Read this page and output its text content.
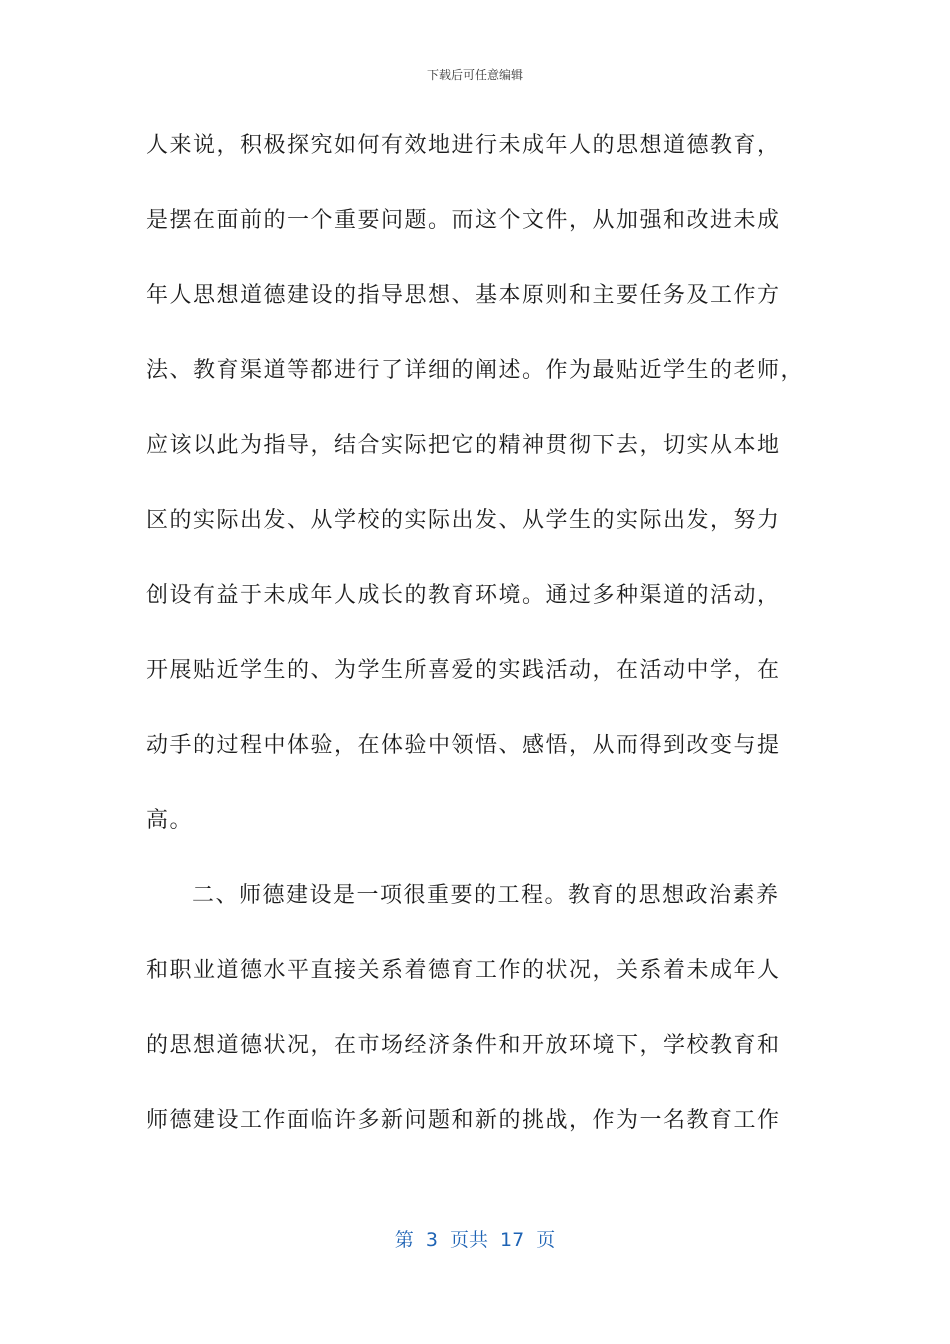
下载后可任意编辑
人来说，积极探究如何有效地进行未成年人的思想道德教育，
是摆在面前的一个重要问题。而这个文件，从加强和改进未成
年人思想道德建设的指导思想、基本原则和主要任务及工作方
法、教育渠道等都进行了详细的阐述。作为最贴近学生的老师，
应该以此为指导，结合实际把它的精神贯彻下去，切实从本地
区的实际出发、从学校的实际出发、从学生的实际出发，努力
创设有益于未成年人成长的教育环境。通过多种渠道的活动，
开展贴近学生的、为学生所喜爱的实践活动，在活动中学，在
动手的过程中体验，在体验中领悟、感悟，从而得到改变与提
高。
二、师德建设是一项很重要的工程。教育的思想政治素养
和职业道德水平直接关系着德育工作的状况，关系着未成年人
的思想道德状况，在市场经济条件和开放环境下，学校教育和
师德建设工作面临许多新问题和新的挑战，作为一名教育工作
第 3 页共 17 页
